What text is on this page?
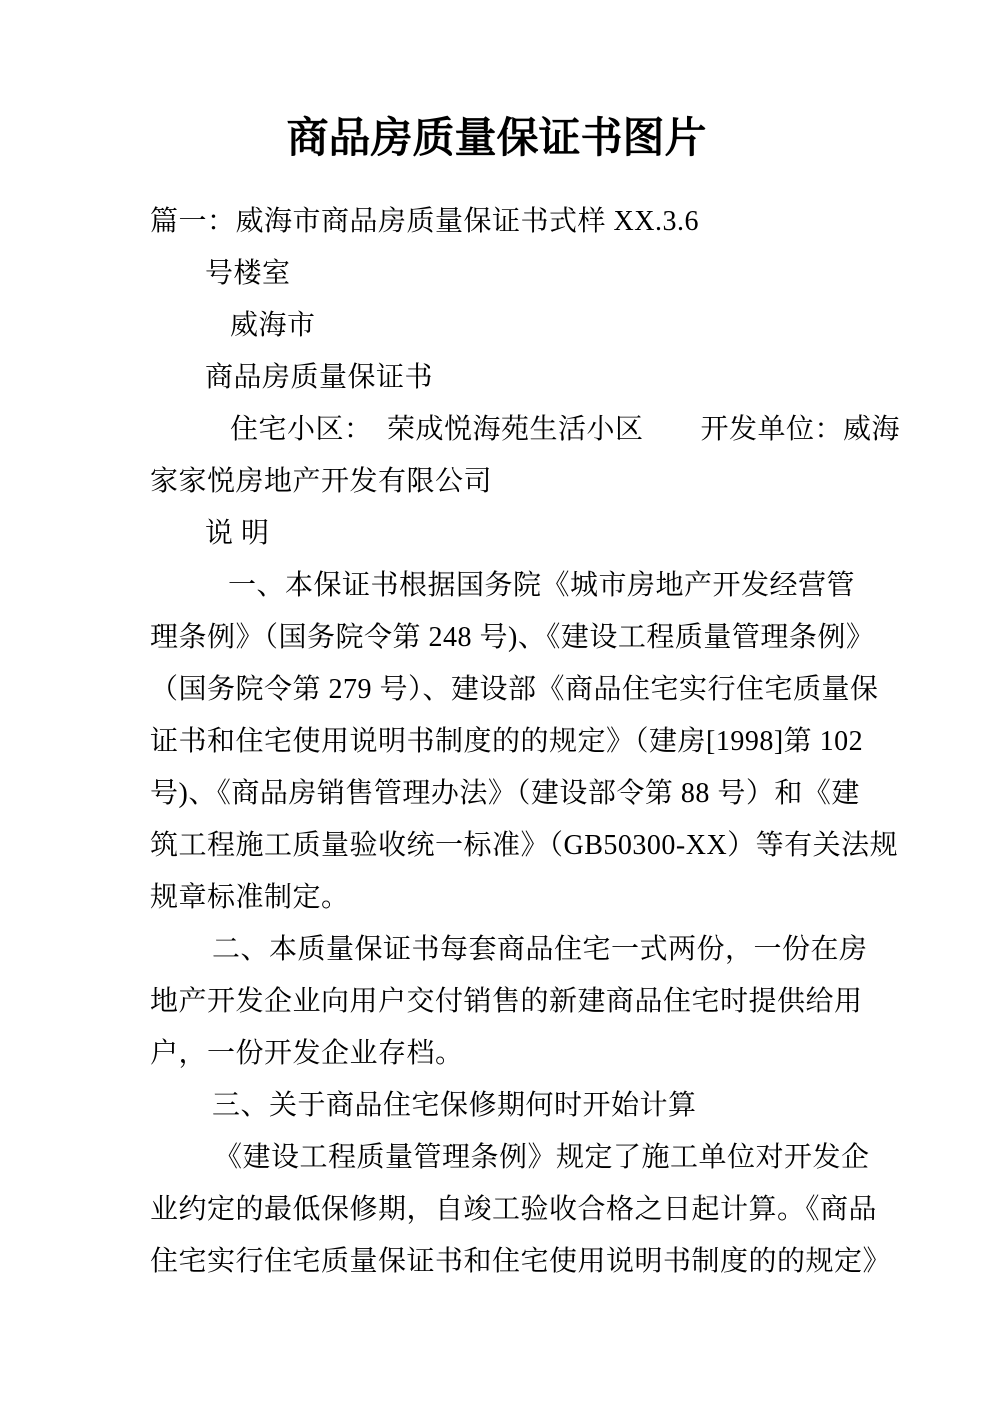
商品房质量保证书图片
篇一：威海市商品房质量保证书式样 XX.3.6
号楼室
威海市
商品房质量保证书
住宅小区：　荣成悦海苑生活小区　　开发单位：威海
家家悦房地产开发有限公司
说 明
一、本保证书根据国务院《城市房地产开发经营管
理条例》（国务院令第 248 号)、《建设工程质量管理条例》
（国务院令第 279 号）、建设部《商品住宅实行住宅质量保
证书和住宅使用说明书制度的的规定》（建房[1998]第 102
号)、《商品房销售管理办法》（建设部令第 88 号）和《建
筑工程施工质量验收统一标准》（GB50300-XX）等有关法规
规章标准制定。
二、本质量保证书每套商品住宅一式两份，一份在房
地产开发企业向用户交付销售的新建商品住宅时提供给用
户，一份开发企业存档。
三、关于商品住宅保修期何时开始计算
《建设工程质量管理条例》规定了施工单位对开发企
业约定的最低保修期，自竣工验收合格之日起计算。《商品
住宅实行住宅质量保证书和住宅使用说明书制度的的规定》
